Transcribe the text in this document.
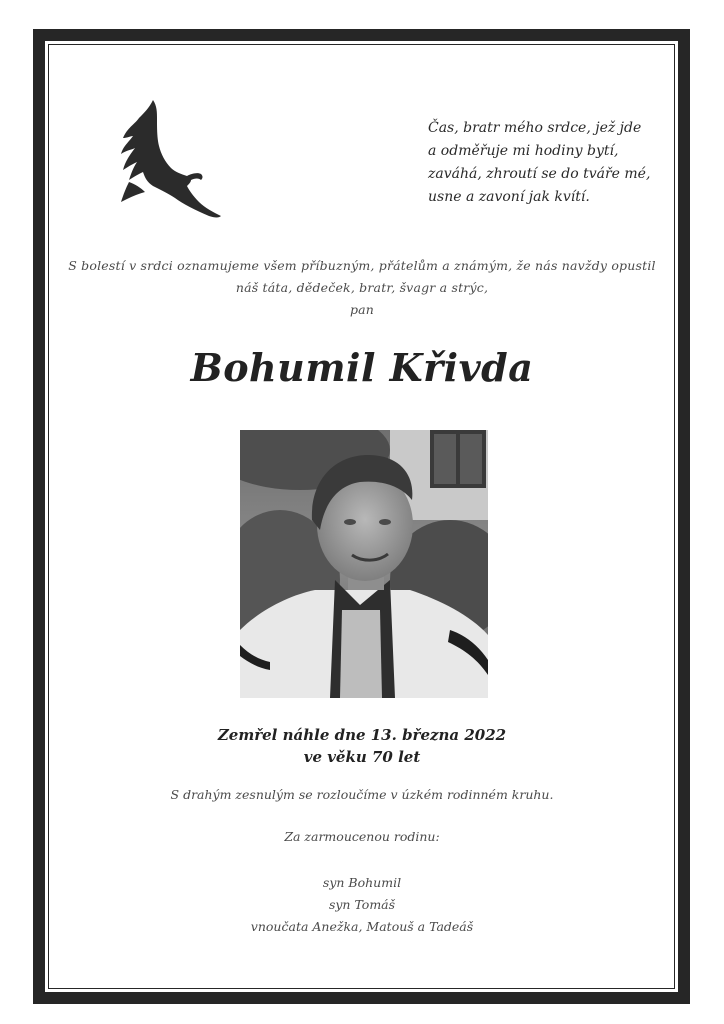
Čas, bratr mého srdce, jež jde
a odměřuje mi hodiny bytí,
zaváhá, zhroutí se do tváře mé,
usne a zavoní jak kvítí.
S bolestí v srdci oznamujeme všem příbuzným, přátelům a známým, že nás navždy opustil
náš táta, dědeček, bratr, švagr a strýc,
pan
Bohumil Křivda
Zemřel náhle dne 13. března 2022
ve věku 70 let
S drahým zesnulým se rozloučíme v úzkém rodinném kruhu.
Za zarmoucenou rodinu:
syn Bohumil
syn Tomáš
vnoučata Anežka, Matouš a Tadeáš
